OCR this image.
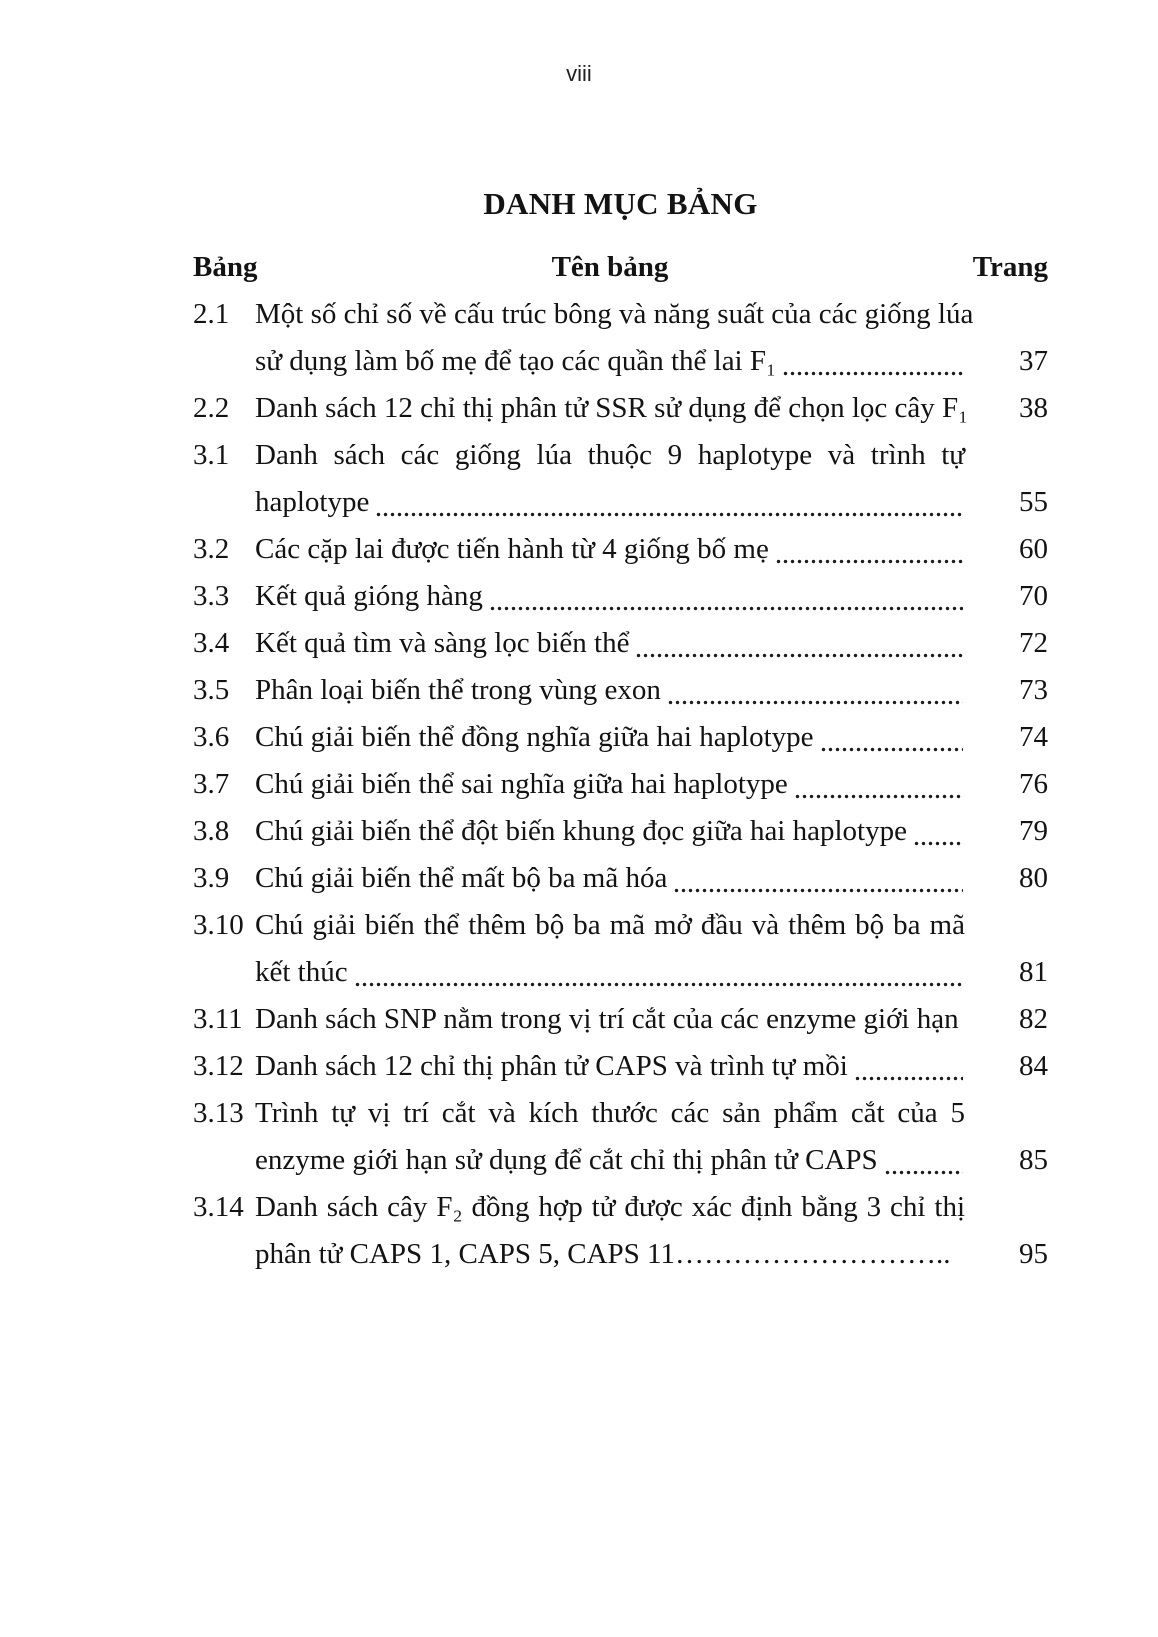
viii
DANH MỤC BẢNG
Bảng	Tên bảng	Trang
2.1 Một số chỉ số về cấu trúc bông và năng suất của các giống lúa
sử dụng làm bố mẹ để tạo các quần thể lai F₁	37
2.2 Danh sách 12 chỉ thị phân tử SSR sử dụng để chọn lọc cây F₁	38
3.1 Danh sách các giống lúa thuộc 9 haplotype và trình tự
haplotype	55
3.2 Các cặp lai được tiến hành từ 4 giống bố mẹ	60
3.3 Kết quả gióng hàng	70
3.4 Kết quả tìm và sàng lọc biến thể	72
3.5 Phân loại biến thể trong vùng exon	73
3.6 Chú giải biến thể đồng nghĩa giữa hai haplotype	74
3.7 Chú giải biến thể sai nghĩa giữa hai haplotype	76
3.8 Chú giải biến thể đột biến khung đọc giữa hai haplotype	79
3.9 Chú giải biến thể mất bộ ba mã hóa	80
3.10 Chú giải biến thể thêm bộ ba mã mở đầu và thêm bộ ba mã
kết thúc	81
3.11 Danh sách SNP nằm trong vị trí cắt của các enzyme giới hạn	82
3.12 Danh sách 12 chỉ thị phân tử CAPS và trình tự mồi	84
3.13 Trình tự vị trí cắt và kích thước các sản phẩm cắt của 5
enzyme giới hạn sử dụng để cắt chỉ thị phân tử CAPS	85
3.14 Danh sách cây F₂ đồng hợp tử được xác định bằng 3 chỉ thị
phân tử CAPS 1, CAPS 5, CAPS 11………………………..	95
